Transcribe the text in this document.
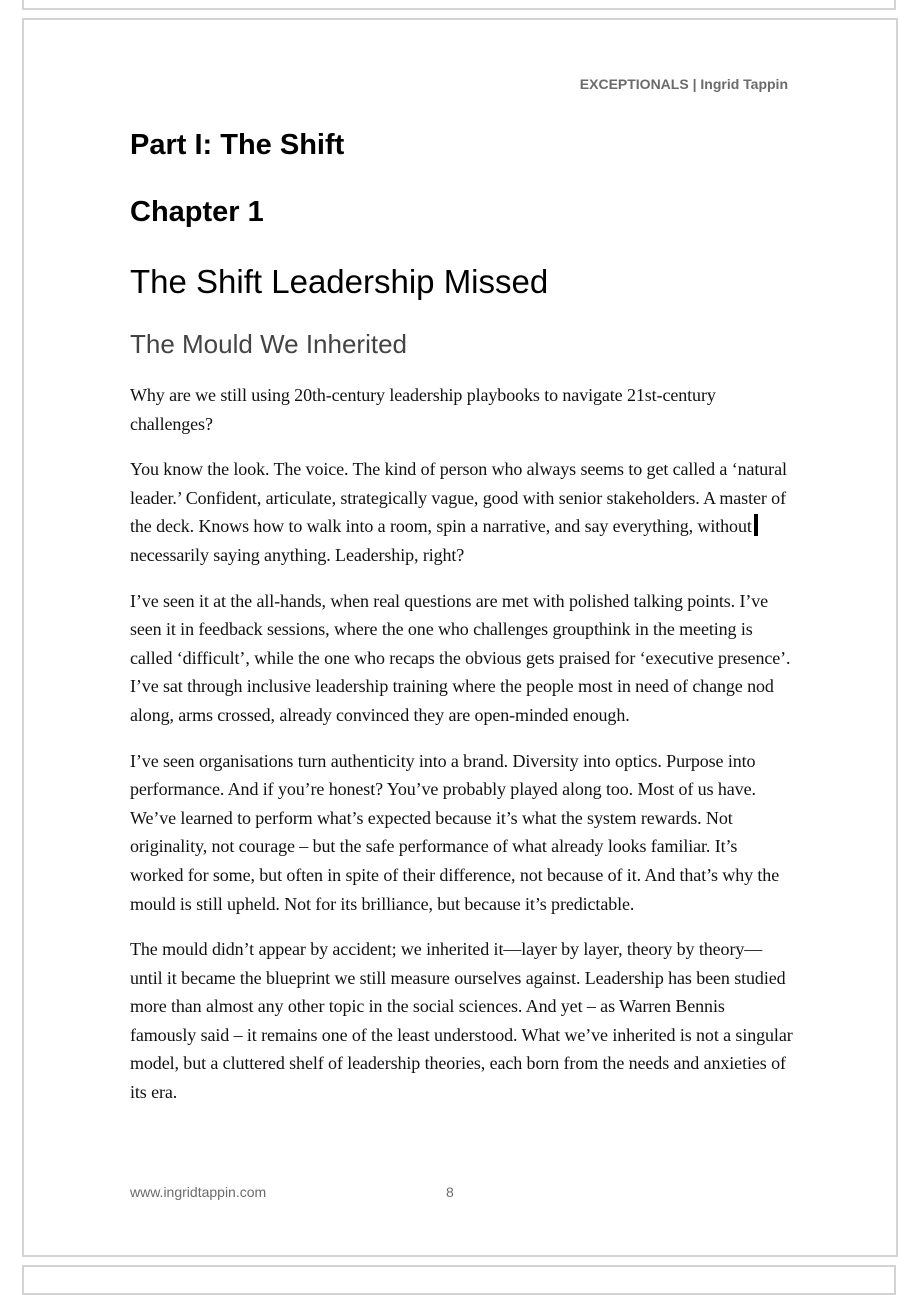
EXCEPTIONALS | Ingrid Tappin
Part I: The Shift
Chapter 1
The Shift Leadership Missed
The Mould We Inherited

Why are we still using 20th-century leadership playbooks to navigate 21st-century challenges?

You know the look. The voice. The kind of person who always seems to get called a ‘natural leader.’ Confident, articulate, strategically vague, good with senior stakeholders. A master of the deck. Knows how to walk into a room, spin a narrative, and say everything, without necessarily saying anything. Leadership, right?

I’ve seen it at the all-hands, when real questions are met with polished talking points. I’ve seen it in feedback sessions, where the one who challenges groupthink in the meeting is called ‘difficult’, while the one who recaps the obvious gets praised for ‘executive presence’. I’ve sat through inclusive leadership training where the people most in need of change nod along, arms crossed, already convinced they are open-minded enough.

I’ve seen organisations turn authenticity into a brand. Diversity into optics. Purpose into performance. And if you’re honest? You’ve probably played along too. Most of us have. We’ve learned to perform what’s expected because it’s what the system rewards. Not originality, not courage – but the safe performance of what already looks familiar. It’s worked for some, but often in spite of their difference, not because of it. And that’s why the mould is still upheld. Not for its brilliance, but because it’s predictable.

The mould didn’t appear by accident; we inherited it—layer by layer, theory by theory—until it became the blueprint we still measure ourselves against. Leadership has been studied more than almost any other topic in the social sciences. And yet – as Warren Bennis famously said – it remains one of the least understood. What we’ve inherited is not a singular model, but a cluttered shelf of leadership theories, each born from the needs and anxieties of its era.

www.ingridtappin.com	8
